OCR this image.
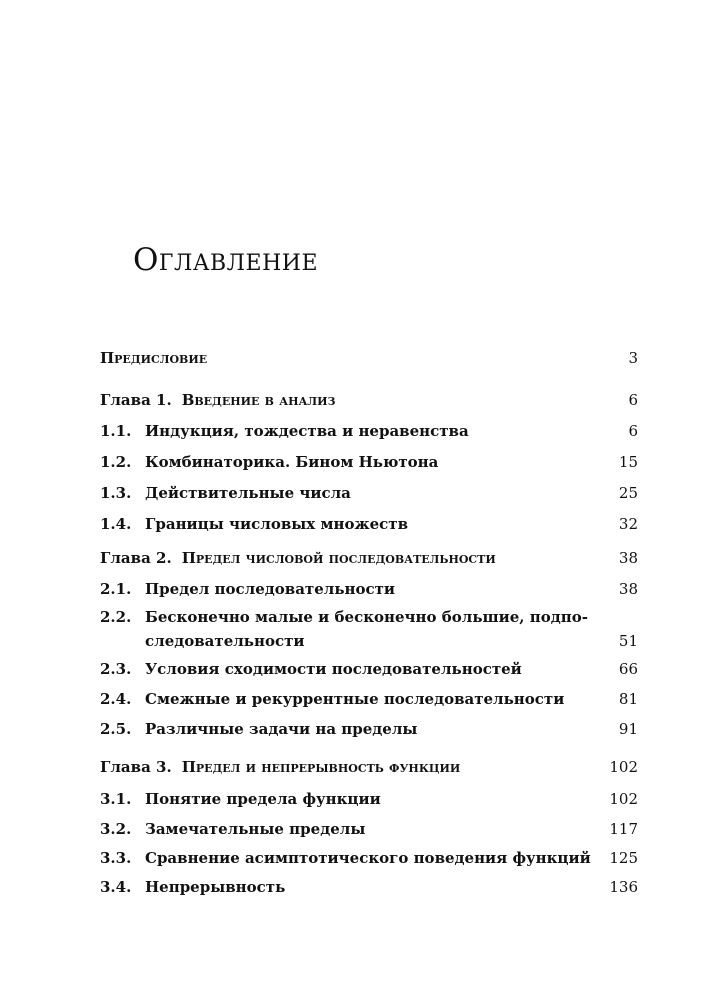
Оглавление
Предисловие	3
Глава 1. Введение в анализ	6
1.1. Индукция, тождества и неравенства	6
1.2. Комбинаторика. Бином Ньютона	15
1.3. Действительные числа	25
1.4. Границы числовых множеств	32
Глава 2. Предел числовой последовательности	38
2.1. Предел последовательности	38
2.2. Бесконечно малые и бесконечно большие, подпо-
следовательности	51
2.3. Условия сходимости последовательностей	66
2.4. Смежные и рекуррентные последовательности	81
2.5. Различные задачи на пределы	91
Глава 3. Предел и непрерывность функции	102
3.1. Понятие предела функции	102
3.2. Замечательные пределы	117
3.3. Сравнение асимптотического поведения функций 125
3.4. Непрерывность	136
